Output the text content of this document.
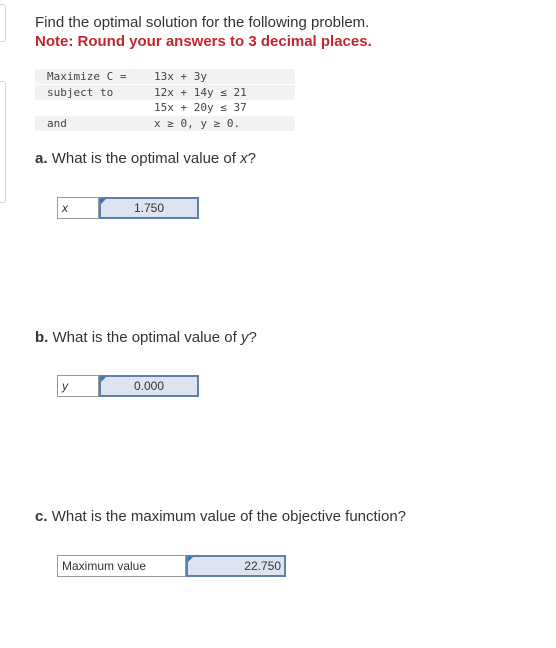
Find the optimal solution for the following problem.
Note: Round your answers to 3 decimal places.
Maximize C =	13x + 3y
subject to	12x + 14y ≤ 21
15x + 20y ≤ 37
and	x ≥ 0, y ≥ 0.
a. What is the optimal value of x?
x	1.750
b. What is the optimal value of y?
y	0.000
c. What is the maximum value of the objective function?
Maximum value	22.750
